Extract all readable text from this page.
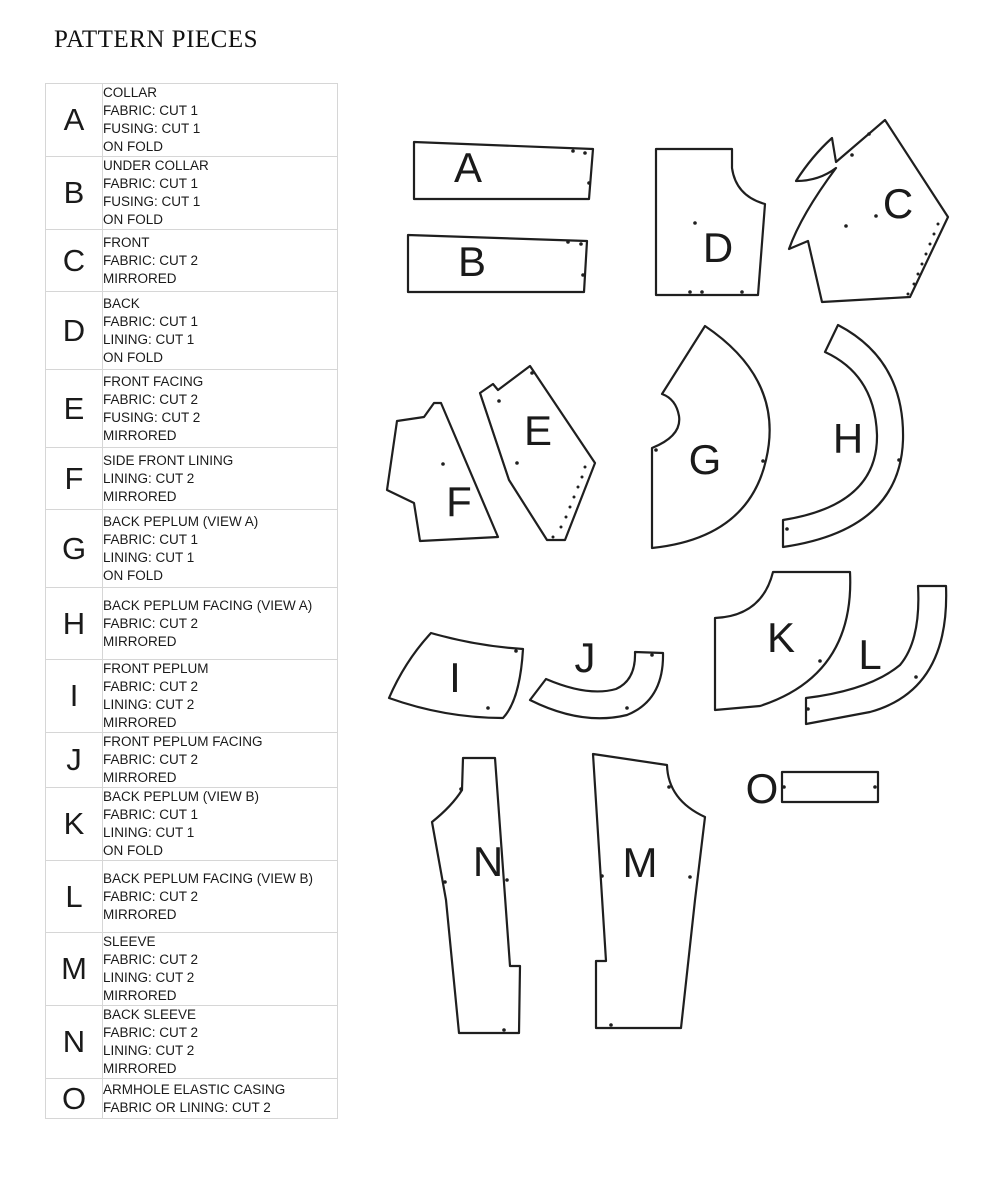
PATTERN PIECES
A	COLLAR
FABRIC: CUT 1
FUSING: CUT 1
ON FOLD

B	UNDER COLLAR
FABRIC: CUT 1
FUSING: CUT 1
ON FOLD

C	FRONT
FABRIC: CUT 2
MIRRORED

D	BACK
FABRIC: CUT 1
LINING: CUT 1
ON FOLD

E	FRONT FACING
FABRIC: CUT 2
FUSING: CUT 2
MIRRORED

F	SIDE FRONT LINING
LINING: CUT 2
MIRRORED

G	BACK PEPLUM (VIEW A)
FABRIC: CUT 1
LINING: CUT 1
ON FOLD

H	BACK PEPLUM FACING (VIEW A)
FABRIC: CUT 2
MIRRORED

I	FRONT PEPLUM
FABRIC: CUT 2
LINING: CUT 2
MIRRORED

J	FRONT PEPLUM FACING
FABRIC: CUT 2
MIRRORED

K	BACK PEPLUM (VIEW B)
FABRIC: CUT 1
LINING: CUT 1
ON FOLD

L	BACK PEPLUM FACING (VIEW B)
FABRIC: CUT 2
MIRRORED

M	SLEEVE
FABRIC: CUT 2
LINING: CUT 2
MIRRORED

N	BACK SLEEVE
FABRIC: CUT 2
LINING: CUT 2
MIRRORED

O	ARMHOLE ELASTIC CASING
FABRIC OR LINING: CUT 2
A
B	D
C
F
E
G	H
I	J	K L
N	M
O
